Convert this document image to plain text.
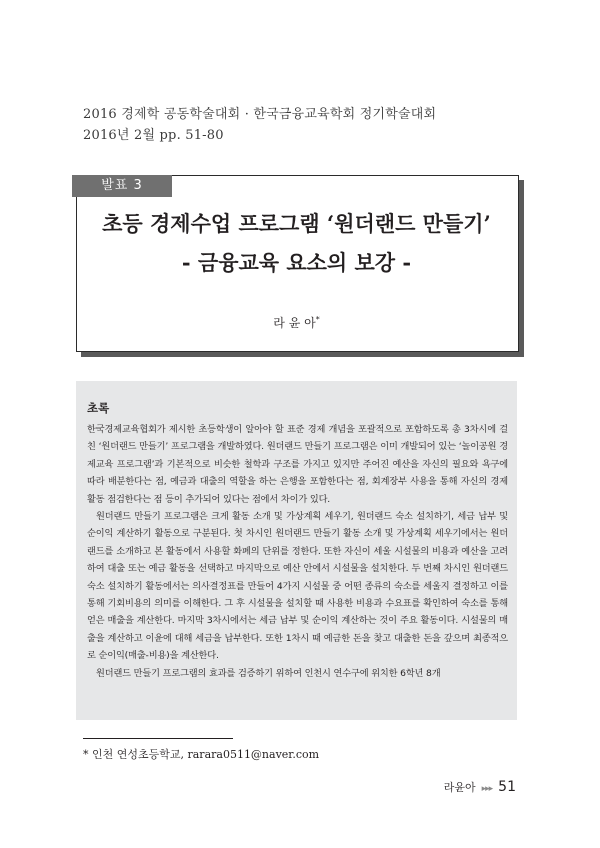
2016 경제학 공동학술대회 · 한국금융교육학회 정기학술대회
2016년 2월 pp. 51-80
발표 3
초등 경제수업 프로그램 ‘원더랜드 만들기’
- 금융교육 요소의 보강 -
라 윤 아*

초록

한국경제교육협회가 제시한 초등학생이 알아야 할 표준 경제 개념을 포괄적으로 포함하도록 총 3차시에 걸친 ‘원더랜드 만들기’ 프로그램을 개발하였다. 원더랜드 만들기 프로그램은 이미 개발되어 있는 ‘놀이공원 경제교육 프로그램’과 기본적으로 비슷한 철학과 구조를 가지고 있지만 주어진 예산을 자신의 필요와 욕구에 따라 배분한다는 점, 예금과 대출의 역할을 하는 은행을 포함한다는 점, 회계장부 사용을 통해 자신의 경제 활동 점검한다는 점 등이 추가되어 있다는 점에서 차이가 있다.

원더랜드 만들기 프로그램은 크게 활동 소개 및 가상계획 세우기, 원더랜드 숙소 설치하기, 세금 납부 및 순이익 계산하기 활동으로 구분된다. 첫 차시인 원더랜드 만들기 활동 소개 및 가상계획 세우기에서는 원더랜드를 소개하고 본 활동에서 사용할 화폐의 단위를 정한다. 또한 자신이 세울 시설물의 비용과 예산을 고려하여 대출 또는 예금 활동을 선택하고 마지막으로 예산 안에서 시설물을 설치한다. 두 번째 차시인 원더랜드 숙소 설치하기 활동에서는 의사결정표를 만들어 4가지 시설물 중 어떤 종류의 숙소를 세울지 결정하고 이를 통해 기회비용의 의미를 이해한다. 그 후 시설물을 설치할 때 사용한 비용과 수요표를 확인하여 숙소를 통해 얻은 매출을 계산한다. 마지막 3차시에서는 세금 납부 및 순이익 계산하는 것이 주요 활동이다. 시설물의 매출을 계산하고 이윤에 대해 세금을 납부한다. 또한 1차시 때 예금한 돈을 찾고 대출한 돈을 갚으며 최종적으로 순이익(매출-비용)을 계산한다.

원더랜드 만들기 프로그램의 효과를 검증하기 위하여 인천시 연수구에 위치한 6학년 8개

* 인천 연성초등학교, rarara0511@naver.com
라윤아 ▸▸▸ 51
